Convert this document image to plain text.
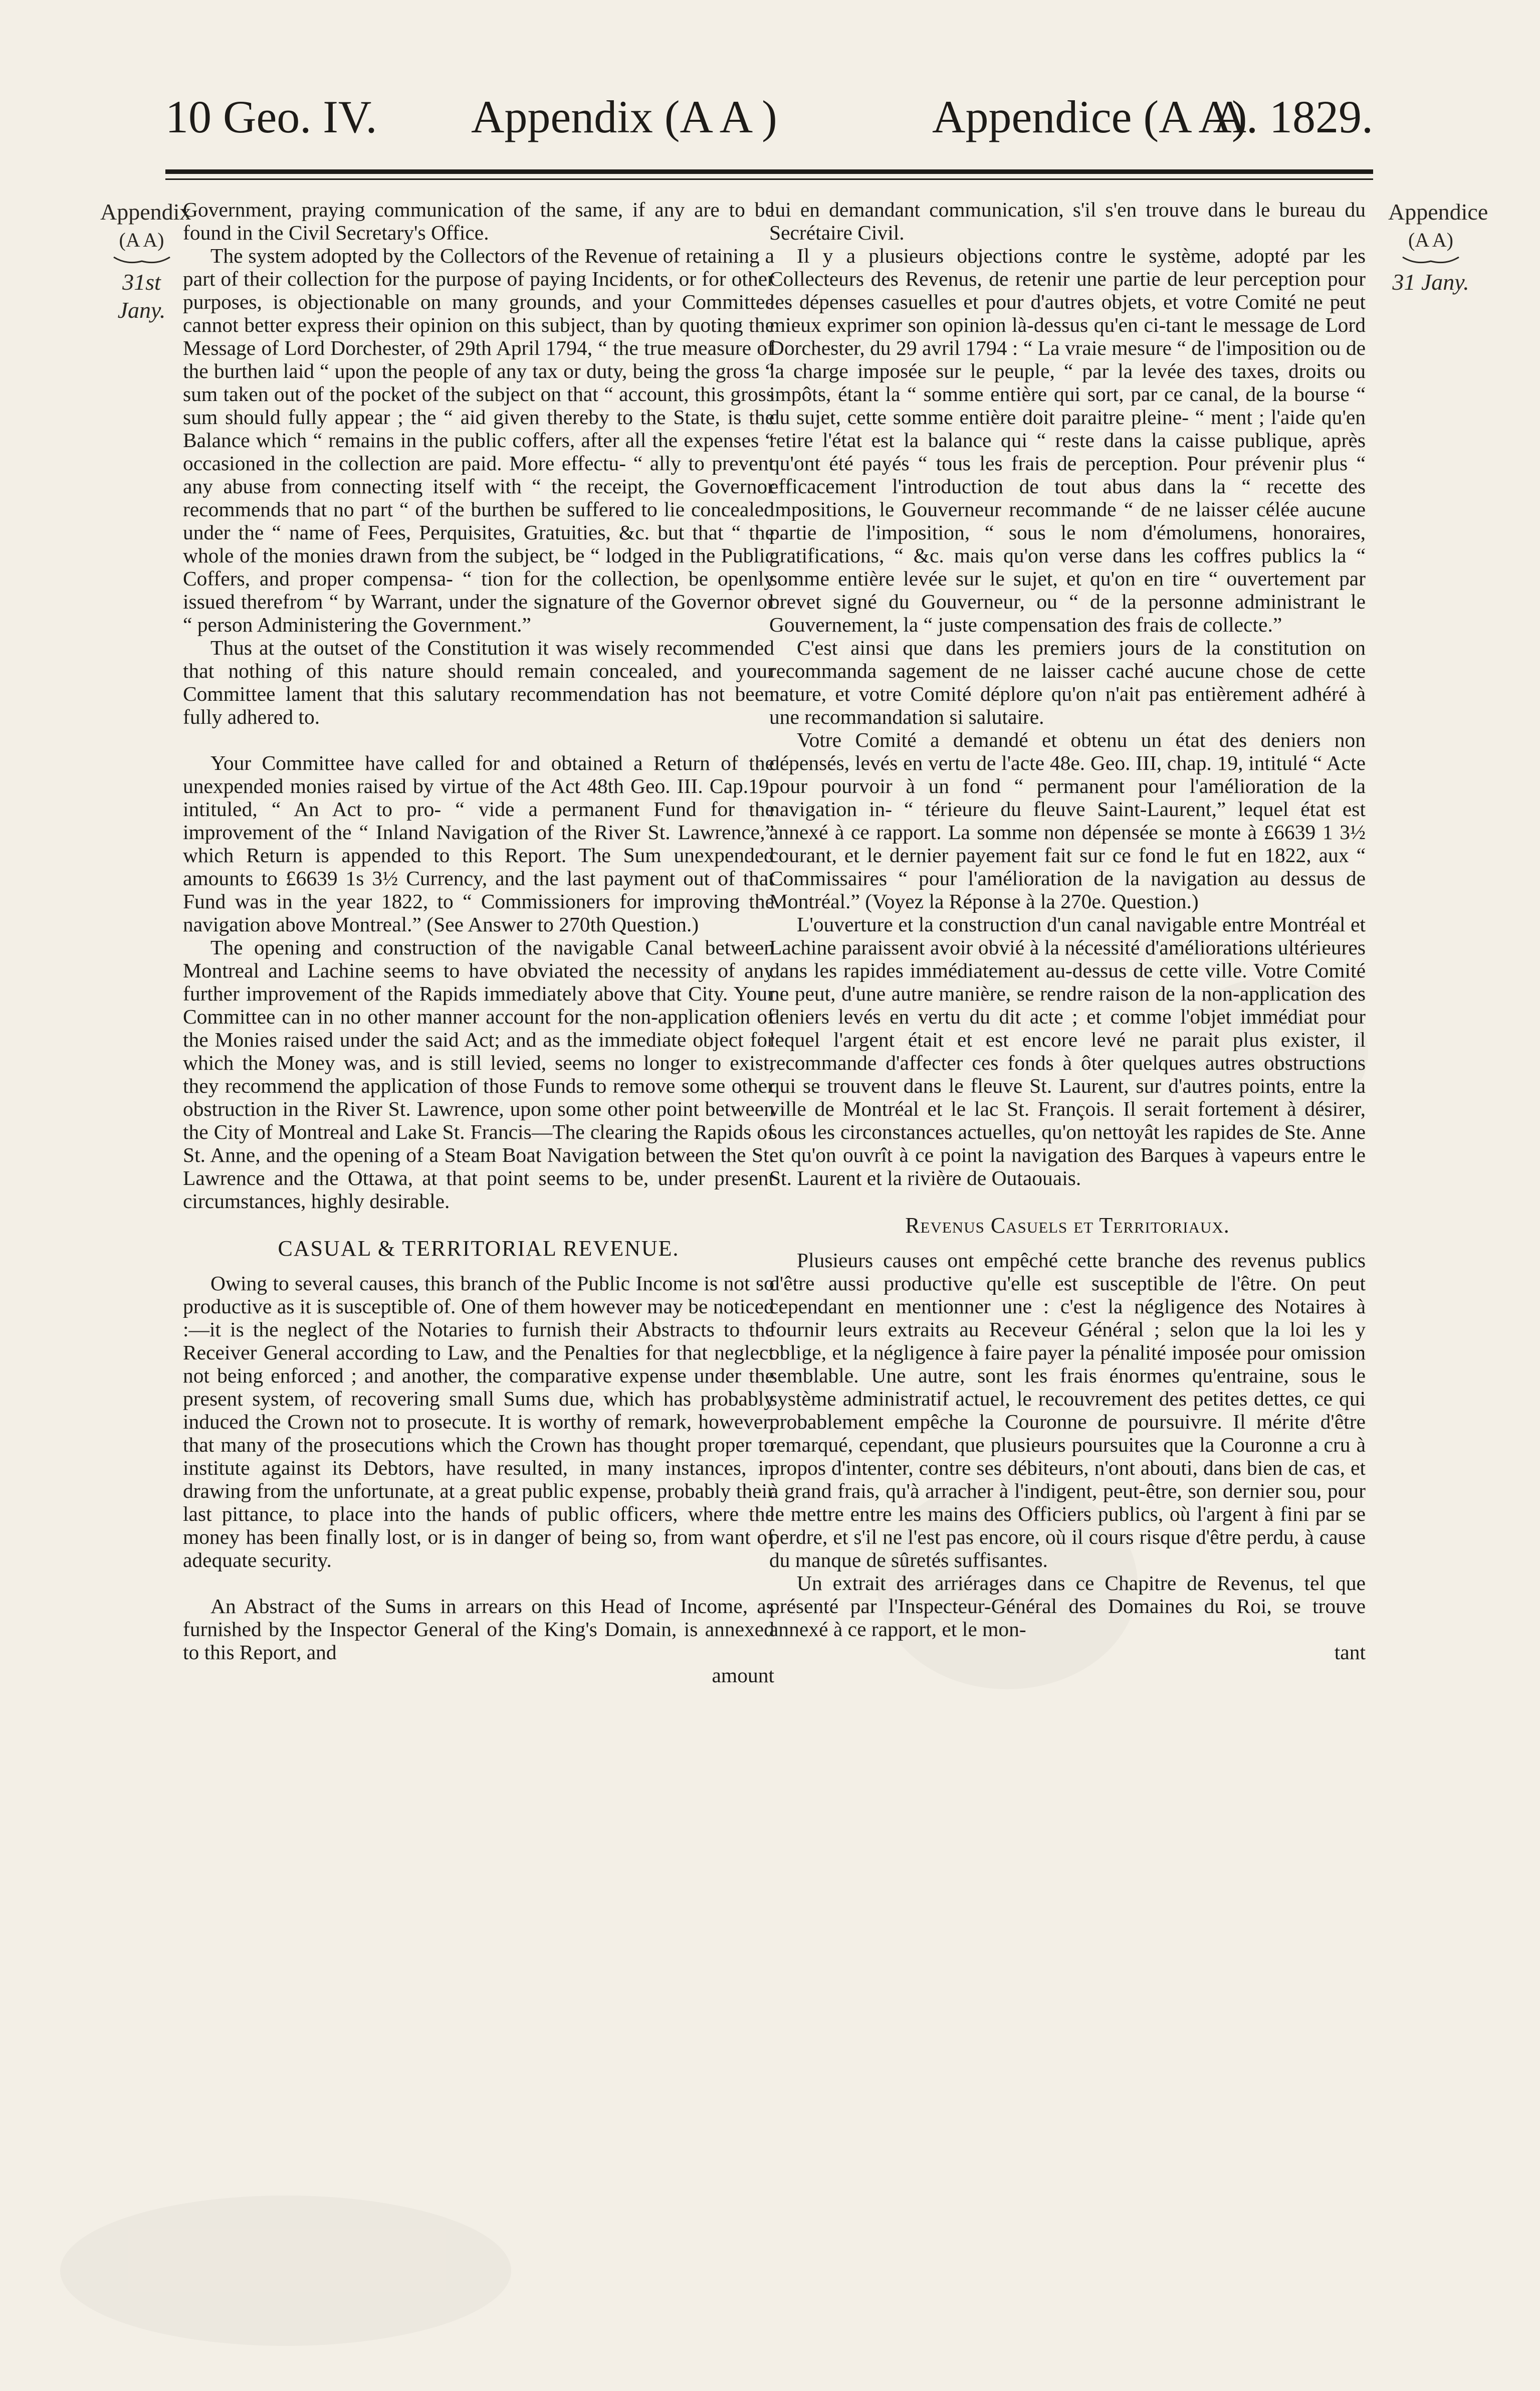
10 Geo. IV. Appendix (A A )	Appendice (A A)
A. 1829.
Appendix
(A A)
31st Jany.
Appendice
(A A)
31 Jany.

Government, praying communication of the same, if any are to be found in the Civil Secretary's Office.

The system adopted by the Collectors of the Revenue of retaining a part of their collection for the purpose of paying Incidents, or for other purposes, is objectionable on many grounds, and your Committee cannot better express their opinion on this subject, than by quoting the Message of Lord Dorchester, of 29th April 1794, “ the true measure of the burthen laid “ upon the people of any tax or duty, being the gross “ sum taken out of the pocket of the subject on that “ account, this gross sum should fully appear ; the “ aid given thereby to the State, is the Balance which “ remains in the public coffers, after all the expenses “ occasioned in the collection are paid. More effectu- “ ally to prevent any abuse from connecting itself with “ the receipt, the Governor recommends that no part “ of the burthen be suffered to lie concealed under the “ name of Fees, Perquisites, Gratuities, &c. but that “ the whole of the monies drawn from the subject, be “ lodged in the Public Coffers, and proper compensa- “ tion for the collection, be openly issued therefrom “ by Warrant, under the signature of the Governor or “ person Administering the Government.”

Thus at the outset of the Constitution it was wisely recommended that nothing of this nature should remain concealed, and your Committee lament that this salutary recommendation has not been fully adhered to.

Your Committee have called for and obtained a Return of the unexpended monies raised by virtue of the Act 48th Geo. III. Cap.19, intituled, “ An Act to pro- “ vide a permanent Fund for the improvement of the “ Inland Navigation of the River St. Lawrence,” which Return is appended to this Report. The Sum unexpended amounts to £6639 1s 3½ Currency, and the last payment out of that Fund was in the year 1822, to “ Commissioners for improving the navigation above Montreal.” (See Answer to 270th Question.)

The opening and construction of the navigable Canal between Montreal and Lachine seems to have obviated the necessity of any further improvement of the Rapids immediately above that City. Your Committee can in no other manner account for the non-application of the Monies raised under the said Act; and as the immediate object for which the Money was, and is still levied, seems no longer to exist, they recommend the application of those Funds to remove some other obstruction in the River St. Lawrence, upon some other point between the City of Montreal and Lake St. Francis—The clearing the Rapids of St. Anne, and the opening of a Steam Boat Navigation between the St. Lawrence and the Ottawa, at that point seems to be, under present circumstances, highly desirable.

CASUAL & TERRITORIAL REVENUE.

Owing to several causes, this branch of the Public Income is not so productive as it is susceptible of. One of them however may be noticed :—it is the neglect of the Notaries to furnish their Abstracts to the Receiver General according to Law, and the Penalties for that neglect not being enforced ; and another, the comparative expense under the present system, of recovering small Sums due, which has probably induced the Crown not to prosecute. It is worthy of remark, however, that many of the prosecutions which the Crown has thought proper to institute against its Debtors, have resulted, in many instances, in drawing from the unfortunate, at a great public expense, probably their last pittance, to place into the hands of public officers, where the money has been finally lost, or is in danger of being so, from want of adequate security.

An Abstract of the Sums in arrears on this Head of Income, as furnished by the Inspector General of the King's Domain, is annexed to this Report, and

amount

lui en demandant communication, s'il s'en trouve dans le bureau du Secrétaire Civil.

Il y a plusieurs objections contre le système, adopté par les Collecteurs des Revenus, de retenir une partie de leur perception pour les dépenses casuelles et pour d'autres objets, et votre Comité ne peut mieux exprimer son opinion là-dessus qu'en ci-tant le message de Lord Dorchester, du 29 avril 1794 : “ La vraie mesure “ de l'imposition ou de la charge imposée sur le peuple, “ par la levée des taxes, droits ou impôts, étant la “ somme entière qui sort, par ce canal, de la bourse “ du sujet, cette somme entière doit paraitre pleine- “ ment ; l'aide qu'en retire l'état est la balance qui “ reste dans la caisse publique, après qu'ont été payés “ tous les frais de perception. Pour prévenir plus “ efficacement l'introduction de tout abus dans la “ recette des impositions, le Gouverneur recommande “ de ne laisser célée aucune partie de l'imposition, “ sous le nom d'émolumens, honoraires, gratifications, “ &c. mais qu'on verse dans les coffres publics la “ somme entière levée sur le sujet, et qu'on en tire “ ouvertement par brevet signé du Gouverneur, ou “ de la personne administrant le Gouvernement, la “ juste compensation des frais de collecte.”

C'est ainsi que dans les premiers jours de la constitution on recommanda sagement de ne laisser caché aucune chose de cette nature, et votre Comité déplore qu'on n'ait pas entièrement adhéré à une recommandation si salutaire.

Votre Comité a demandé et obtenu un état des deniers non dépensés, levés en vertu de l'acte 48e. Geo. III, chap. 19, intitulé “ Acte pour pourvoir à un fond “ permanent pour l'amélioration de la navigation in- “ térieure du fleuve Saint-Laurent,” lequel état est annexé à ce rapport. La somme non dépensée se monte à £6639 1 3½ courant, et le dernier payement fait sur ce fond le fut en 1822, aux “ Commissaires “ pour l'amélioration de la navigation au dessus de Montréal.” (Voyez la Réponse à la 270e. Question.)

L'ouverture et la construction d'un canal navigable entre Montréal et Lachine paraissent avoir obvié à la nécessité d'améliorations ultérieures dans les rapides immédiatement au-dessus de cette ville. Votre Comité ne peut, d'une autre manière, se rendre raison de la non-application des deniers levés en vertu du dit acte ; et comme l'objet immédiat pour lequel l'argent était et est encore levé ne parait plus exister, il recommande d'affecter ces fonds à ôter quelques autres obstructions qui se trouvent dans le fleuve St. Laurent, sur d'autres points, entre la ville de Montréal et le lac St. François. Il serait fortement à désirer, sous les circonstances actuelles, qu'on nettoyât les rapides de Ste. Anne et qu'on ouvrît à ce point la navigation des Barques à vapeurs entre le St. Laurent et la rivière de Outaouais.

Revenus Casuels et Territoriaux.

Plusieurs causes ont empêché cette branche des revenus publics d'être aussi productive qu'elle est susceptible de l'être. On peut cependant en mentionner une : c'est la négligence des Notaires à fournir leurs extraits au Receveur Général ; selon que la loi les y oblige, et la négligence à faire payer la pénalité imposée pour omission semblable. Une autre, sont les frais énormes qu'entraine, sous le système administratif actuel, le recouvrement des petites dettes, ce qui probablement empêche la Couronne de poursuivre. Il mérite d'être remarqué, cependant, que plusieurs poursuites que la Couronne a cru à propos d'intenter, contre ses débiteurs, n'ont abouti, dans bien de cas, et à grand frais, qu'à arracher à l'indigent, peut-être, son dernier sou, pour le mettre entre les mains des Officiers publics, où l'argent à fini par se perdre, et s'il ne l'est pas encore, où il cours risque d'être perdu, à cause du manque de sûretés suffisantes.

Un extrait des arriérages dans ce Chapitre de Revenus, tel que présenté par l'Inspecteur-Général des Domaines du Roi, se trouve annexé à ce rapport, et le mon-

tant
